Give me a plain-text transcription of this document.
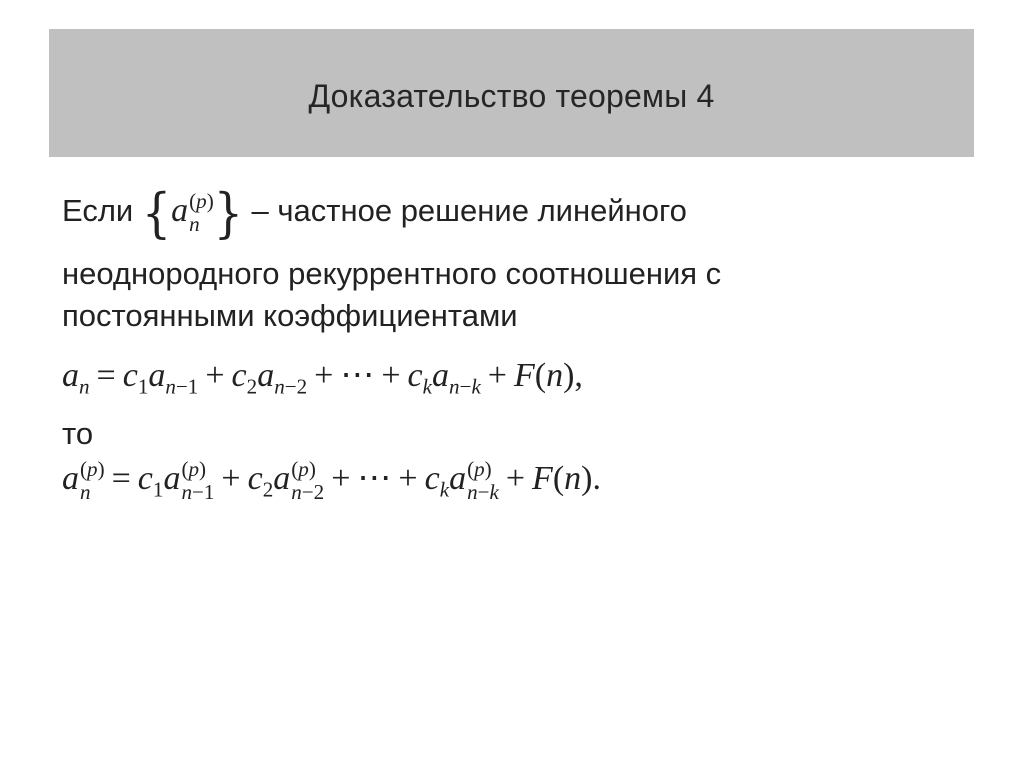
Доказательство теоремы 4
Если {a (p)
n } – частное решение линейного
неоднородного рекуррентного соотношения с
постоянными коэффициентами
$a_n = c_1a_{n-1} + c_2a_{n-2}$ + ⋯ + $c_ka_{n-k} + F(n)$,
то
a (p)
$n = c_1a$ (p)
$n-1 + c_2a$ (p)
n−2 + ⋯ + $c_ka$ (p)
n−k + F(n).
